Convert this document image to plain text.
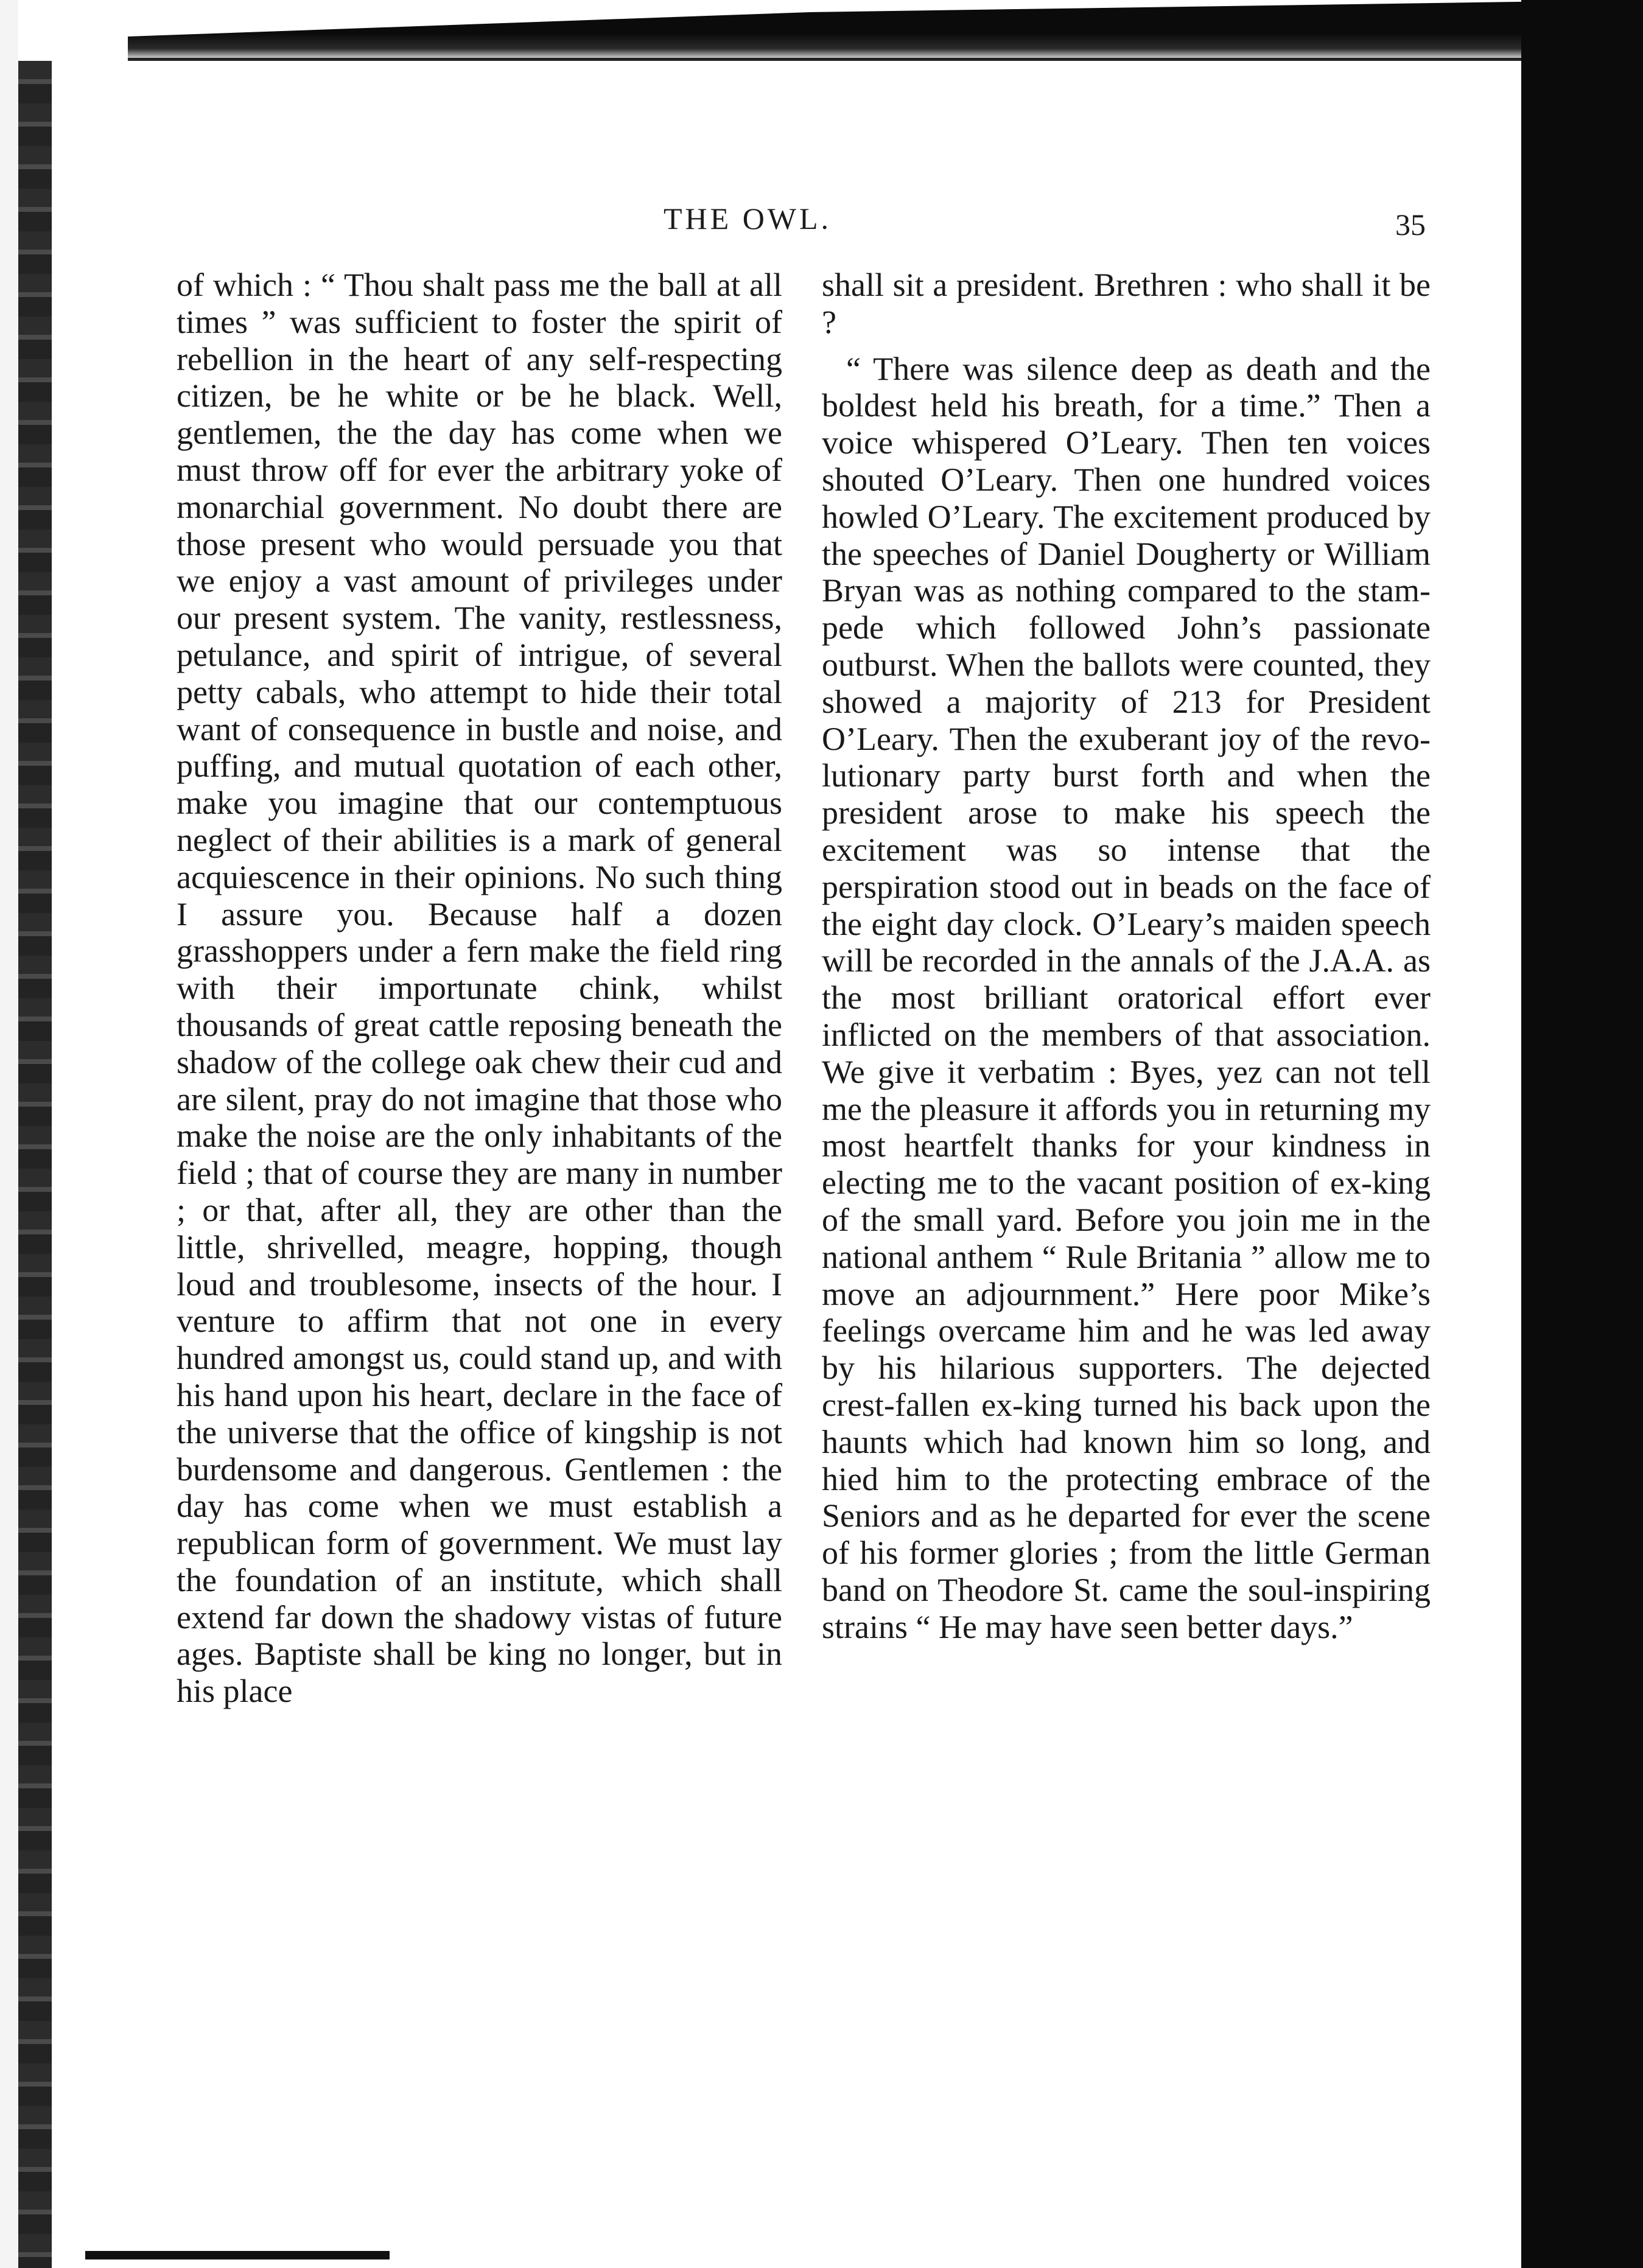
THE OWL.	35

of which : “ Thou shalt pass me the ball at all times ” was sufficient to foster the spirit of rebellion in the heart of any self-respecting citizen, be he white or be he black. Well, gentlemen, the the day has come when we must throw off for ever the arbitrary yoke of monarchial government. No doubt there are those present who would persuade you that we enjoy a vast amount of privileges under our present system. The vanity, restlessness, petulance, and spirit of intrigue, of several petty cabals, who attempt to hide their total want of consequence in bustle and noise, and puffing, and mutual quotation of each other, make you imagine that our contemptuous neglect of their abilities is a mark of general acquiescence in their opinions. No such thing I assure you. Because half a dozen grasshoppers under a fern make the field ring with their importunate chink, whilst thousands of great cattle reposing beneath the shadow of the college oak chew their cud and are silent, pray do not imagine that those who make the noise are the only inhabitants of the field ; that of course they are many in number ; or that, after all, they are other than the little, shrivelled, meagre, hopping, though loud and troublesome, insects of the hour. I venture to affirm that not one in every hundred amongst us, could stand up, and with his hand upon his heart, declare in the face of the universe that the office of kingship is not burdensome and dangerous. Gentlemen : the day has come when we must establish a republican form of government. We must lay the foundation of an institute, which shall extend far down the shadowy vistas of future ages. Baptiste shall be king no longer, but in his place

shall sit a president. Brethren : who shall it be ?

“ There was silence deep as death and the boldest held his breath, for a time.” Then a voice whispered O’Leary. Then ten voices shouted O’Leary. Then one hundred voices howled O’Leary. The excitement produced by the speeches of Daniel Dougherty or William Bryan was as nothing compared to the stampede which followed John’s passionate outburst. When the ballots were counted, they showed a majority of 213 for President O’Leary. Then the exuberant joy of the revolutionary party burst forth and when the president arose to make his speech the excitement was so intense that the perspiration stood out in beads on the face of the eight day clock. O’Leary’s maiden speech will be recorded in the annals of the J.A.A. as the most brilliant oratorical effort ever inflicted on the members of that association. We give it verbatim : Byes, yez can not tell me the pleasure it affords you in returning my most heartfelt thanks for your kindness in electing me to the vacant position of ex-king of the small yard. Before you join me in the national anthem “ Rule Britania ” allow me to move an adjournment.” Here poor Mike’s feelings overcame him and he was led away by his hilarious supporters. The dejected crest-fallen ex-king turned his back upon the haunts which had known him so long, and hied him to the protecting embrace of the Seniors and as he departed for ever the scene of his former glories ; from the little German band on Theodore St. came the soul-inspiring strains “ He may have seen better days.”
